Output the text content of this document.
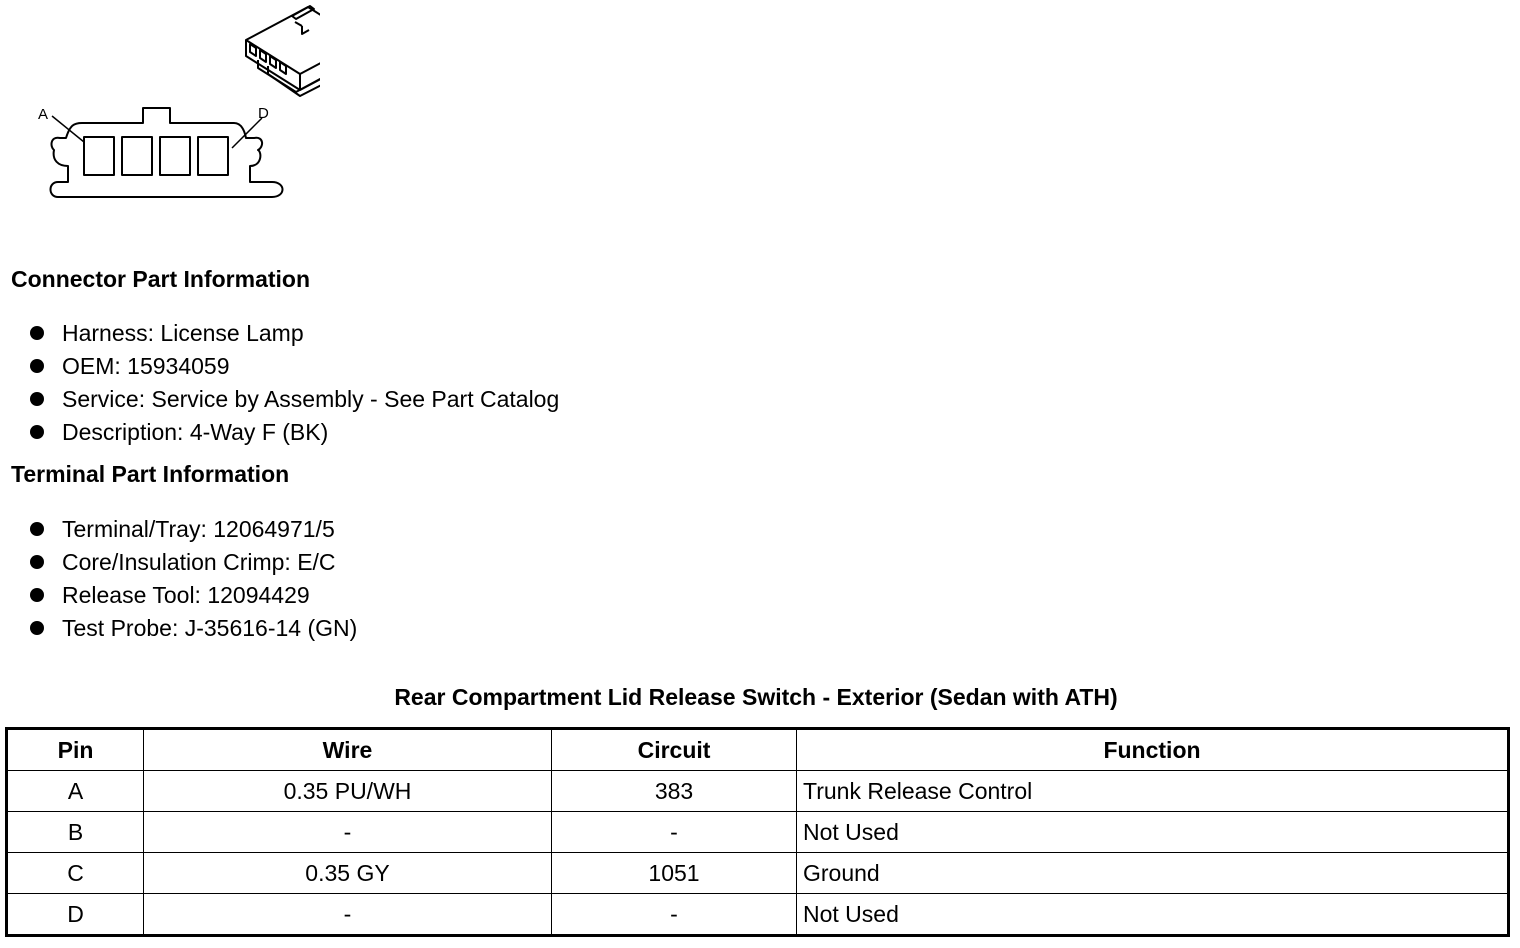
A	D
Connector Part Information
Harness: License Lamp
OEM: 15934059
Service: Service by Assembly - See Part Catalog
Description: 4-Way F (BK)
Terminal Part Information
Terminal/Tray: 12064971/5
Core/Insulation Crimp: E/C
Release Tool: 12094429
Test Probe: J-35616-14 (GN)
Rear Compartment Lid Release Switch - Exterior (Sedan with ATH)
Pin	Wire	Circuit	Function
A	0.35 PU/WH	383	Trunk Release Control
B	-	-	Not Used
C	0.35 GY	1051	Ground
D	-	-	Not Used
